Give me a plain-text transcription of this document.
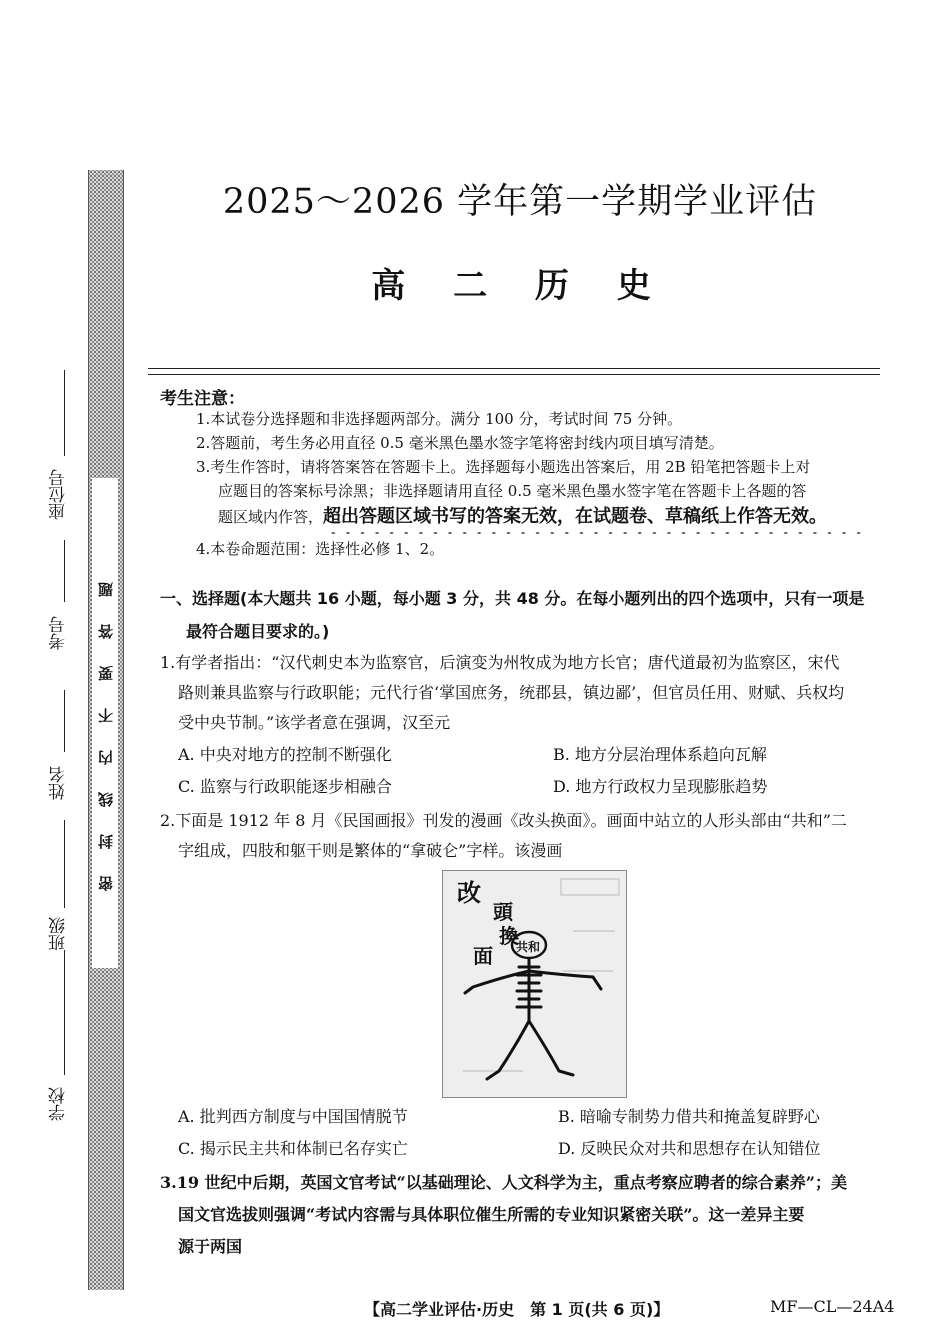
密封线内不要答题
学校
班级
姓名
考号
座位号
2025～2026 学年第一学期学业评估
高 二 历 史
考生注意：
1.本试卷分选择题和非选择题两部分。满分 100 分，考试时间 75 分钟。
2.答题前，考生务必用直径 0.5 毫米黑色墨水签字笔将密封线内项目填写清楚。
3.考生作答时，请将答案答在答题卡上。选择题每小题选出答案后，用 2B 铅笔把答题卡上对
应题目的答案标号涂黑；非选择题请用直径 0.5 毫米黑色墨水签字笔在答题卡上各题的答
题区域内作答，超出答题区域书写的答案无效，在试题卷、草稿纸上作答无效。
4.本卷命题范围：选择性必修 1、2。
一、选择题(本大题共 16 小题，每小题 3 分，共 48 分。在每小题列出的四个选项中，只有一项是
最符合题目要求的。)
1.有学者指出：“汉代刺史本为监察官，后演变为州牧成为地方长官；唐代道最初为监察区，宋代
路则兼具监察与行政职能；元代行省‘掌国庶务，统郡县，镇边鄙’，但官员任用、财赋、兵权均
受中央节制。”该学者意在强调，汉至元
A. 中央对地方的控制不断强化	B. 地方分层治理体系趋向瓦解
C. 监察与行政职能逐步相融合	D. 地方行政权力呈现膨胀趋势
2.下面是 1912 年 8 月《民国画报》刊发的漫画《改头换面》。画面中站立的人形头部由“共和”二
字组成，四肢和躯干则是繁体的“拿破仑”字样。该漫画
改
頭
換
面 共和
A. 批判西方制度与中国国情脱节	B. 暗喻专制势力借共和掩盖复辟野心
C. 揭示民主共和体制已名存实亡	D. 反映民众对共和思想存在认知错位
3.19 世纪中后期，英国文官考试“以基础理论、人文科学为主，重点考察应聘者的综合素养”；美
国文官选拔则强调“考试内容需与具体职位催生所需的专业知识紧密关联”。这一差异主要
源于两国
【高二学业评估·历史　第 1 页(共 6 页)】	MF—CL—24A4
